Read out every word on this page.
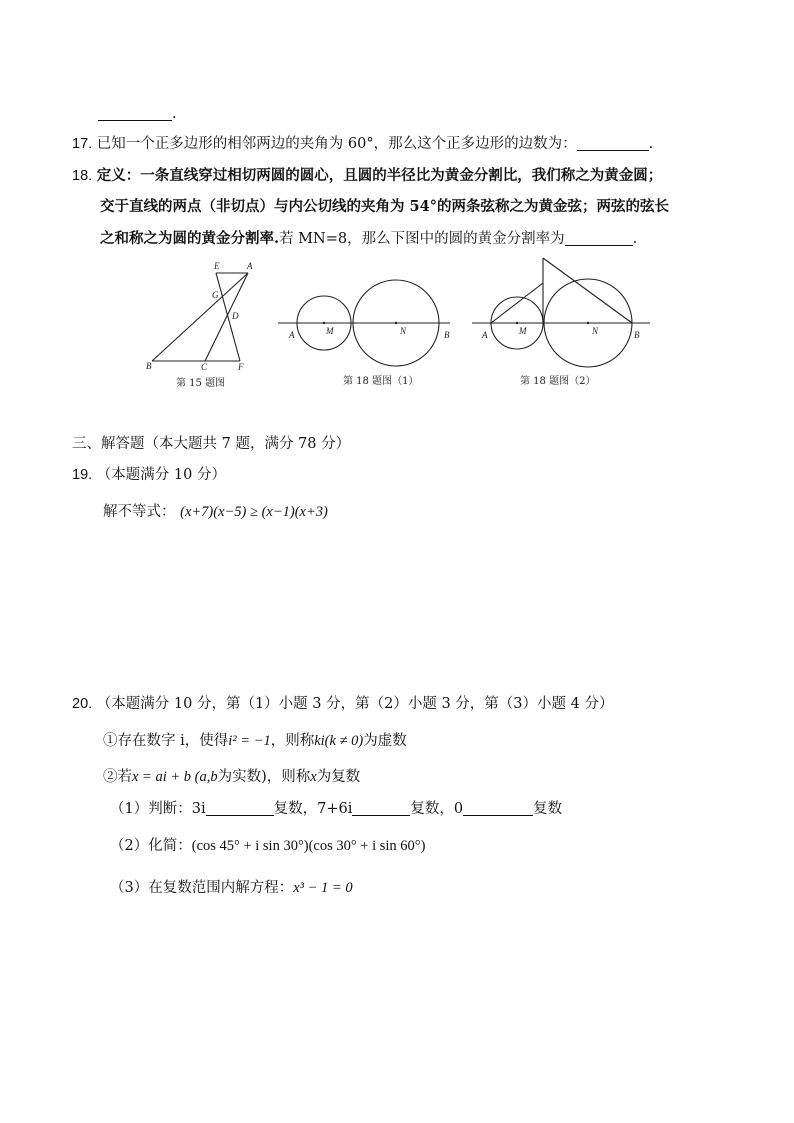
.
17. 已知一个正多边形的相邻两边的夹角为 60°，那么这个正多边形的边数为：	.
18. 定义：一条直线穿过相切两圆的圆心，且圆的半径比为黄金分割比，我们称之为黄金圆；
交于直线的两点（非切点）与内公切线的夹角为 54°的两条弦称之为黄金弦；两弦的弦长
之和称之为圆的黄金分割率.若 MN=8，那么下图中的圆的黄金分割率为	.
E	A
G
D
B	C	F
第 15 题图
A	M	N	B
第 18 题图（1）
A	M	N	B
第 18 题图（2）
三、解答题（本大题共 7 题，满分 78 分）
19. （本题满分 10 分）
解不等式： (x+7)(x−5) ≥ (x−1)(x+3)
20. （本题满分 10 分，第（1）小题 3 分，第（2）小题 3 分，第（3）小题 4 分）
①存在数字 i，使得i² = −1，则称ki(k ≠ 0)为虚数
②若x = ai + b (a,b为实数)，则称x为复数
（1）判断：3i	复数，7+6i	复数，0	复数
（2）化简：(cos 45° + i sin 30°)(cos 30° + i sin 60°)
（3）在复数范围内解方程：x³ − 1 = 0
